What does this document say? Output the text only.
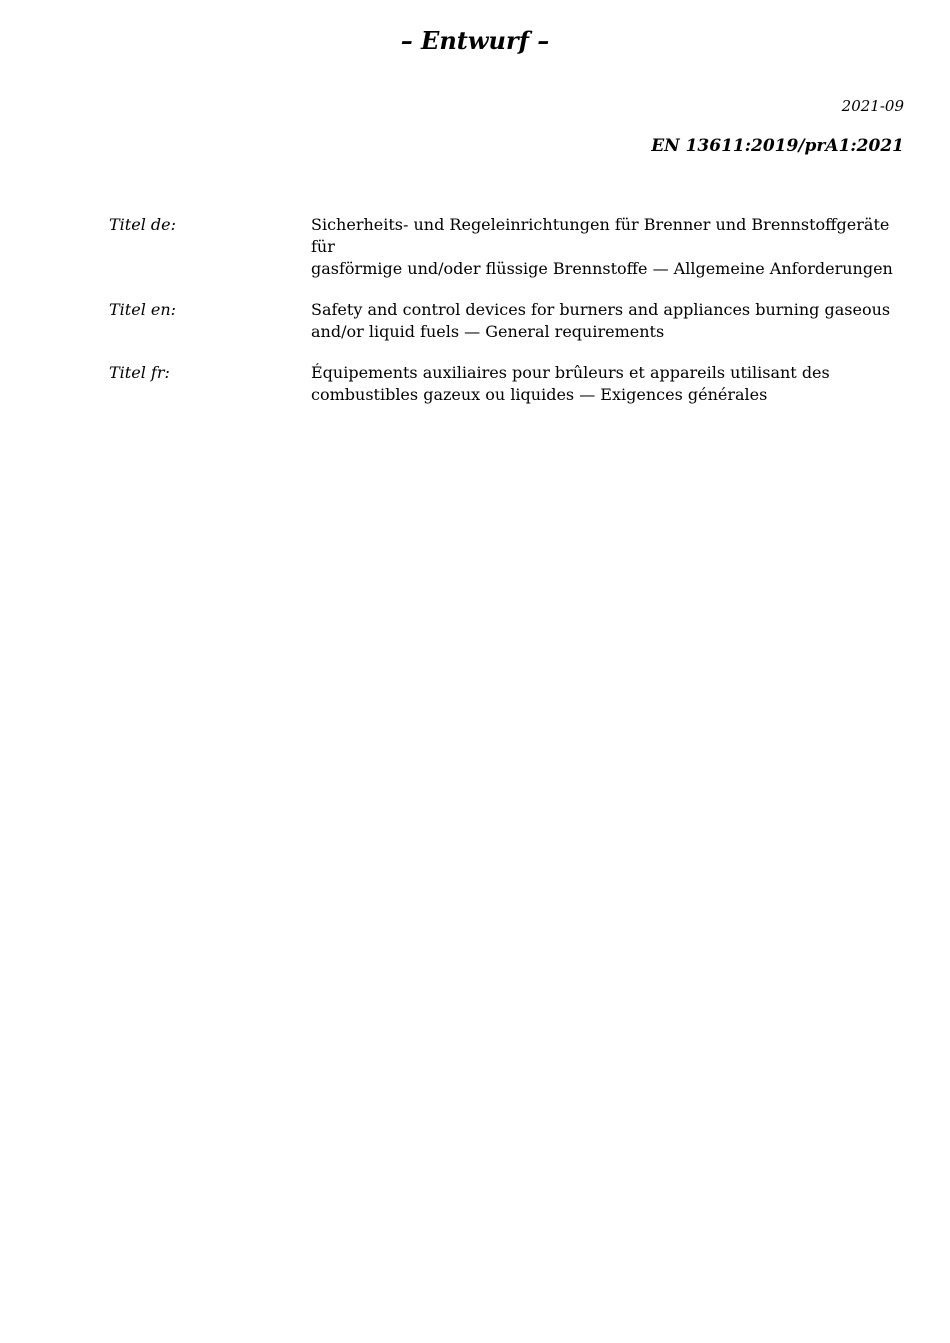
– Entwurf –
2021-09
EN 13611:2019/prA1:2021
Titel de:	Sicherheits- und Regeleinrichtungen für Brenner und Brennstoffgeräte für
gasförmige und/oder flüssige Brennstoffe — Allgemeine Anforderungen
Titel en:	Safety and control devices for burners and appliances burning gaseous
and/or liquid fuels — General requirements
Titel fr:	Équipements auxiliaires pour brûleurs et appareils utilisant des
combustibles gazeux ou liquides — Exigences générales
